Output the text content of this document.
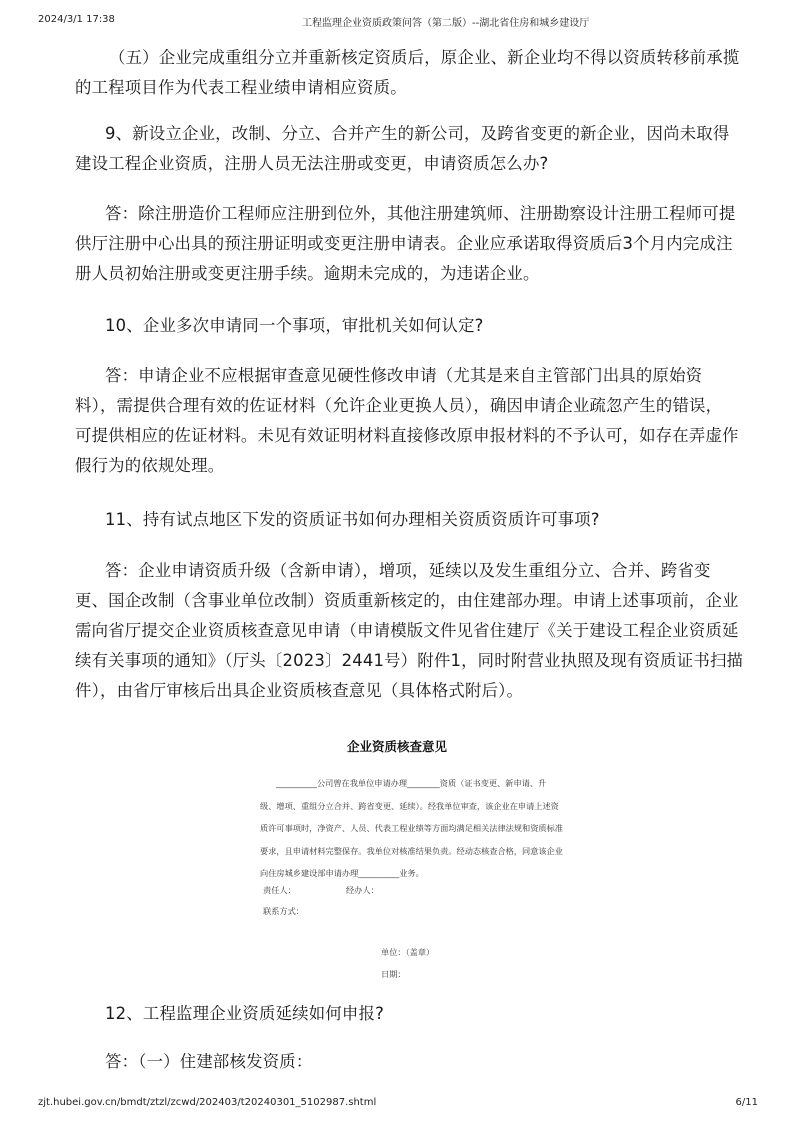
2024/3/1 17:38	工程监理企业资质政策问答（第二版）--湖北省住房和城乡建设厅
（五）企业完成重组分立并重新核定资质后，原企业、新企业均不得以资质转移前承揽
的工程项目作为代表工程业绩申请相应资质。
9、新设立企业，改制、分立、合并产生的新公司，及跨省变更的新企业，因尚未取得
建设工程企业资质，注册人员无法注册或变更，申请资质怎么办?
答：除注册造价工程师应注册到位外，其他注册建筑师、注册勘察设计注册工程师可提
供厅注册中心出具的预注册证明或变更注册申请表。企业应承诺取得资质后3个月内完成注
册人员初始注册或变更注册手续。逾期未完成的，为违诺企业。
10、企业多次申请同一个事项，审批机关如何认定?
答：申请企业不应根据审查意见硬性修改申请（尤其是来自主管部门出具的原始资
料），需提供合理有效的佐证材料（允许企业更换人员），确因申请企业疏忽产生的错误，
可提供相应的佐证材料。未见有效证明材料直接修改原申报材料的不予认可，如存在弄虚作
假行为的依规处理。
11、持有试点地区下发的资质证书如何办理相关资质资质许可事项?
答：企业申请资质升级（含新申请），增项，延续以及发生重组分立、合并、跨省变
更、国企改制（含事业单位改制）资质重新核定的，由住建部办理。申请上述事项前，企业
需向省厅提交企业资质核查意见申请（申请模版文件见省住建厅《关于建设工程企业资质延
续有关事项的通知》（厅头〔2023〕2441号）附件1，同时附营业执照及现有资质证书扫描
件），由省厅审核后出具企业资质核查意见（具体格式附后）。
企业资质核查意见
__________公司曾在我单位申请办理________资质（证书变更、新申请、升
级、增项、重组分立合并、跨省变更、延续）。经我单位审查，该企业在申请上述资
质许可事项时，净资产、人员、代表工程业绩等方面均满足相关法律法规和资质标准
要求，且申请材料完整保存。我单位对核准结果负责。经动态核查合格，同意该企业
向住房城乡建设部申请办理__________业务。
责任人：	经办人：
联系方式：
单位：（盖章）
日期：
12、工程监理企业资质延续如何申报?
答：（一）住建部核发资质：
zjt.hubei.gov.cn/bmdt/ztzl/zcwd/202403/t20240301_5102987.shtml	6/11
